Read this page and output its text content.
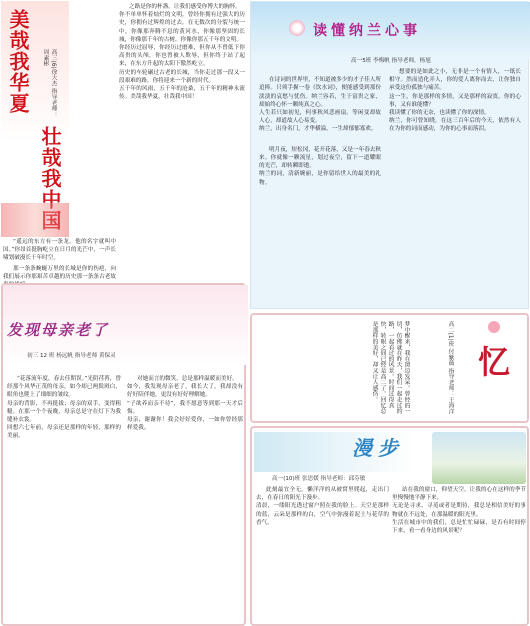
美哉我华夏
壮哉我中国
高三(6)徐大杰 指导老师：周素彬

“遥远的东方有一条龙，他的名字就叫中国。”你昂首挺胸屹立在日月的光芒中，一声长啸划破漫长千年时空。

那一条条蜿蜒万里的长城是你的伤疤，向我们展示你那艰苦卓越的历史那一条条古老故

之路是你的杯盏，让我们感受你博大的胸怀。
你不单单怀着灿烂的文明，曾经你拥有过强大的历史，你拥有过辉煌的过去。在无数次的分裂与统一中，你像那奔腾不息的黄河水，你像那坚固的长城，你像那千年的古树，你像你那五千年的文明。
你经历过屈辱，你经历过磨难，但你从不曾低下你高贵的头颅。你也曾被人欺辱，但你终于站了起来，在东方升起的太阳下傲然屹立。
历史的车轮碾过古老的长城，当你走过那一段又一段艰难的路，你将迎来一个新的时代。
五千年的风雨，五千年的沧桑，五千年的精神永流传。美哉我华夏，壮哉我中国！
读懂纳兰心事
高一5班 李梅帆 指导老师，杨旭

在诗词的世界里，不知道被多少的才子佳人所追捧。只须手握一卷《饮水词》，便能感受到那份淡淡的哀愁与忧伤。纳兰容若，生于富贵之家，却始终心怀一颗纯真之心。
人生若只如初见，何事秋风悲画扇。等闲变却故人心，却道故人心易变。
纳兰，出身名门，才华横溢，一生却郁郁寡欢。

明月夜，短松冈，花开花落，又是一年春去秋来。你就像一颗流星，划过夜空，留下一道耀眼的光芒，却转瞬即逝。
纳兰的词，清新婉丽，是你留给世人的最美的礼物。

想要的是如此之小，无非是一个有情人，一纸长相守。然而造化弄人，你的爱人离你而去，让你独自承受这份孤独与痛苦。
这一生，你是那样的多情，又是那样的寂寞。你的心事，又有谁能懂？
我读懂了你的无奈，也读懂了你的深情。
纳兰，你可曾知晓，在这三百年后的今天，依然有人在为你的词而感动，为你的心事而落泪。
梦中醒来，我在窗边发呆。曾经的一切，仿佛就在昨天，我们一起走过的路，一起看过的风景。时间过得真快，转眼之间已经是高二了。回忆总是那样的美好，却又让人感伤。	高二(1)班 付紫薇 指导老师：王海洋 忆
发现母亲老了
初三 12 班 杨远帆 指导老师 黄保灵
“花落流年度，春去佳期误。”光阴荏苒，曾经那个风华正茂的母亲，如今却已两鬓斑白，眼角也爬上了细细的皱纹。
母亲的背影，不再挺拔；母亲的双手，变得粗糙。在那一个个夜晚，母亲总是守在灯下为我缝补衣裳。
回想六七年前，母亲还是那样的年轻，那样的美丽。
对她而言的微笑，总是那样温暖而美好。
如今，我发现母亲老了，我长大了，我却没有好好陪伴她，更没有好好理解她。
“子欲养而亲不待”，我不愿意等到那一天才后悔。
母亲，谢谢你！我会好好爱你，一如你曾经那样爱我。
漫步
高一(10)班 张思媛 指导老师：邱芬敏
此刻最宜全无。懒洋洋的从被窝里爬起，走出门去，在春日的阳光下漫步。
清晨，一缕阳光透过窗户照在我的脸上。天空是那样的蓝，云朵是那样的白，空气中弥漫着泥土与花草的香气。
站在我的窗口，仰望天空，让我的心在这样的季节里慢慢地平静下来。
无论是寻求、寻觅或者是期待，我总是相信美好的事物就在不远处，在那温暖的阳光里。
生活在城市中的我们，总是忙忙碌碌，是否有时间停下来，看一看身边的风景呢？
